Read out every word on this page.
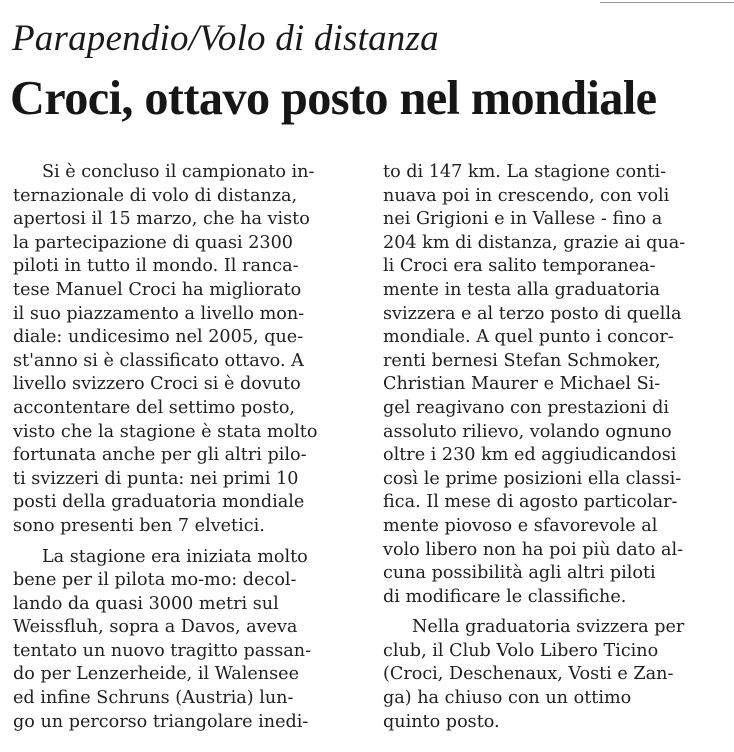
Parapendio/Volo di distanza
Croci, ottavo posto nel mondiale

Si è concluso il campionato in-
ternazionale di volo di distanza,
apertosi il 15 marzo, che ha visto
la partecipazione di quasi 2300
piloti in tutto il mondo. Il ranca-
tese Manuel Croci ha migliorato
il suo piazzamento a livello mon-
diale: undicesimo nel 2005, que-
st'anno si è classificato ottavo. A
livello svizzero Croci si è dovuto
accontentare del settimo posto,
visto che la stagione è stata molto
fortunata anche per gli altri pilo-
ti svizzeri di punta: nei primi 10
posti della graduatoria mondiale
sono presenti ben 7 elvetici.

La stagione era iniziata molto
bene per il pilota mo-mo: decol-
lando da quasi 3000 metri sul
Weissfluh, sopra a Davos, aveva
tentato un nuovo tragitto passan-
do per Lenzerheide, il Walensee
ed infine Schruns (Austria) lun-
go un percorso triangolare inedi-

to di 147 km. La stagione conti-
nuava poi in crescendo, con voli
nei Grigioni e in Vallese - fino a
204 km di distanza, grazie ai qua-
li Croci era salito temporanea-
mente in testa alla graduatoria
svizzera e al terzo posto di quella
mondiale. A quel punto i concor-
renti bernesi Stefan Schmoker,
Christian Maurer e Michael Si-
gel reagivano con prestazioni di
assoluto rilievo, volando ognuno
oltre i 230 km ed aggiudicandosi
così le prime posizioni ella classi-
fica. Il mese di agosto particolar-
mente piovoso e sfavorevole al
volo libero non ha poi più dato al-
cuna possibilità agli altri piloti
di modificare le classifiche.

Nella graduatoria svizzera per
club, il Club Volo Libero Ticino
(Croci, Deschenaux, Vosti e Zan-
ga) ha chiuso con un ottimo
quinto posto.
